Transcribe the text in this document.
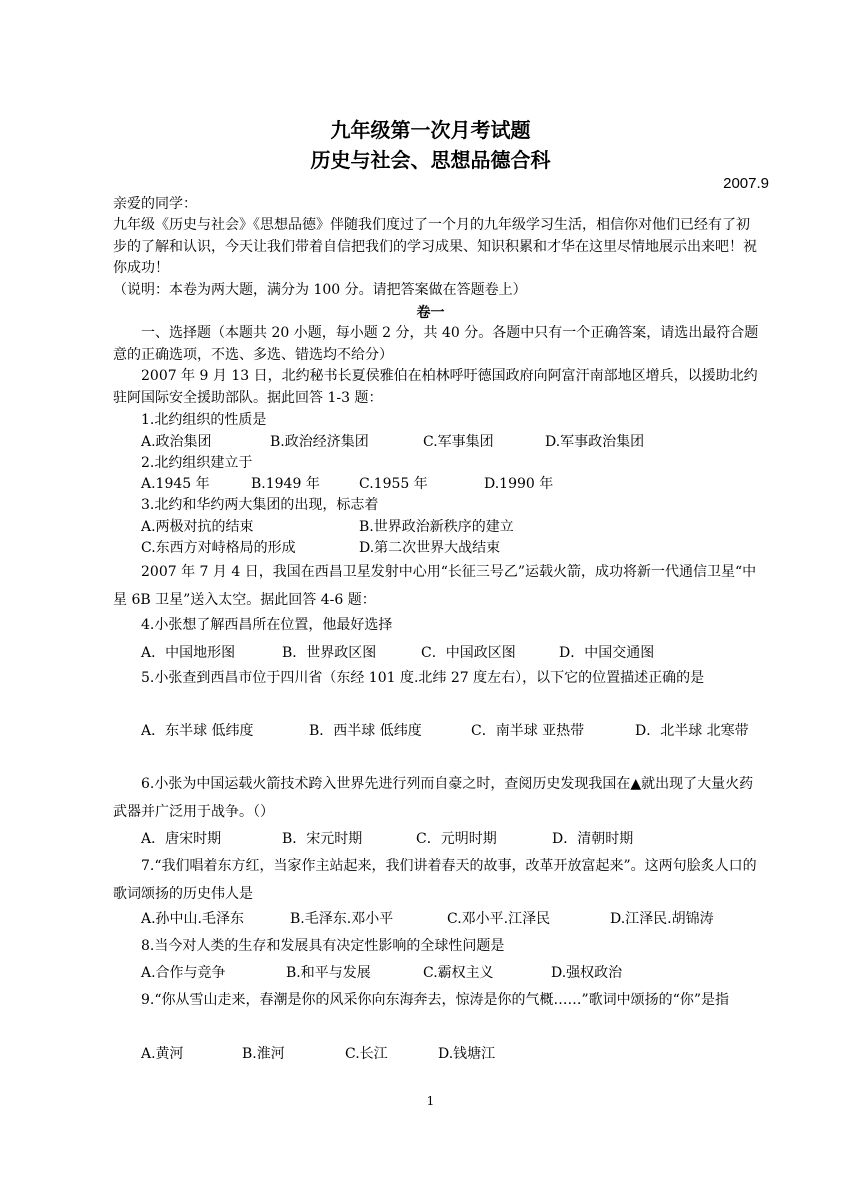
九年级第一次月考试题
历史与社会、思想品德合科
2007.9
亲爱的同学：
九年级《历史与社会》《思想品德》伴随我们度过了一个月的九年级学习生活，相信你对他们已经有了初步的了解和认识，今天让我们带着自信把我们的学习成果、知识积累和才华在这里尽情地展示出来吧！祝你成功！
（说明：本卷为两大题，满分为 100 分。请把答案做在答题卷上）
卷一
一、选择题（本题共 20 小题，每小题 2 分，共 40 分。各题中只有一个正确答案，请选出最符合题意的正确选项，不选、多选、错选均不给分）
2007 年 9 月 13 日，北约秘书长夏侯雅伯在柏林呼吁德国政府向阿富汗南部地区增兵，以援助北约驻阿国际安全援助部队。据此回答 1-3 题：
1.北约组织的性质是
A.政治集团	B.政治经济集团	C.军事集团	D.军事政治集团
2.北约组织建立于
A.1945 年	B.1949 年	C.1955 年	D.1990 年
3.北约和华约两大集团的出现，标志着
A.两极对抗的结束	B.世界政治新秩序的建立
C.东西方对峙格局的形成	D.第二次世界大战结束
2007 年 7 月 4 日，我国在西昌卫星发射中心用“长征三号乙”运载火箭，成功将新一代通信卫星“中星 6B 卫星”送入太空。据此回答 4-6 题：
4.小张想了解西昌所在位置，他最好选择
A．中国地形图	B．世界政区图	C．中国政区图	D．中国交通图
5.小张查到西昌市位于四川省（东经 101 度.北纬 27 度左右），以下它的位置描述正确的是
A．东半球 低纬度	B．西半球 低纬度	C．南半球 亚热带	D．北半球 北寒带
6.小张为中国运载火箭技术跨入世界先进行列而自豪之时，查阅历史发现我国在▲就出现了大量火药武器并广泛用于战争。（）
A．唐宋时期	B．宋元时期	C．元明时期	D．清朝时期
7.“我们唱着东方红，当家作主站起来，我们讲着春天的故事，改革开放富起来”。这两句脍炙人口的歌词颂扬的历史伟人是
A.孙中山.毛泽东	B.毛泽东.邓小平	C.邓小平.江泽民	D.江泽民.胡锦涛
8.当今对人类的生存和发展具有决定性影响的全球性问题是
A.合作与竞争	B.和平与发展	C.霸权主义	D.强权政治
9.“你从雪山走来，春潮是你的风采你向东海奔去，惊涛是你的气概……”歌词中颂扬的“你”是指
A.黄河	B.淮河	C.长江	D.钱塘江
1
